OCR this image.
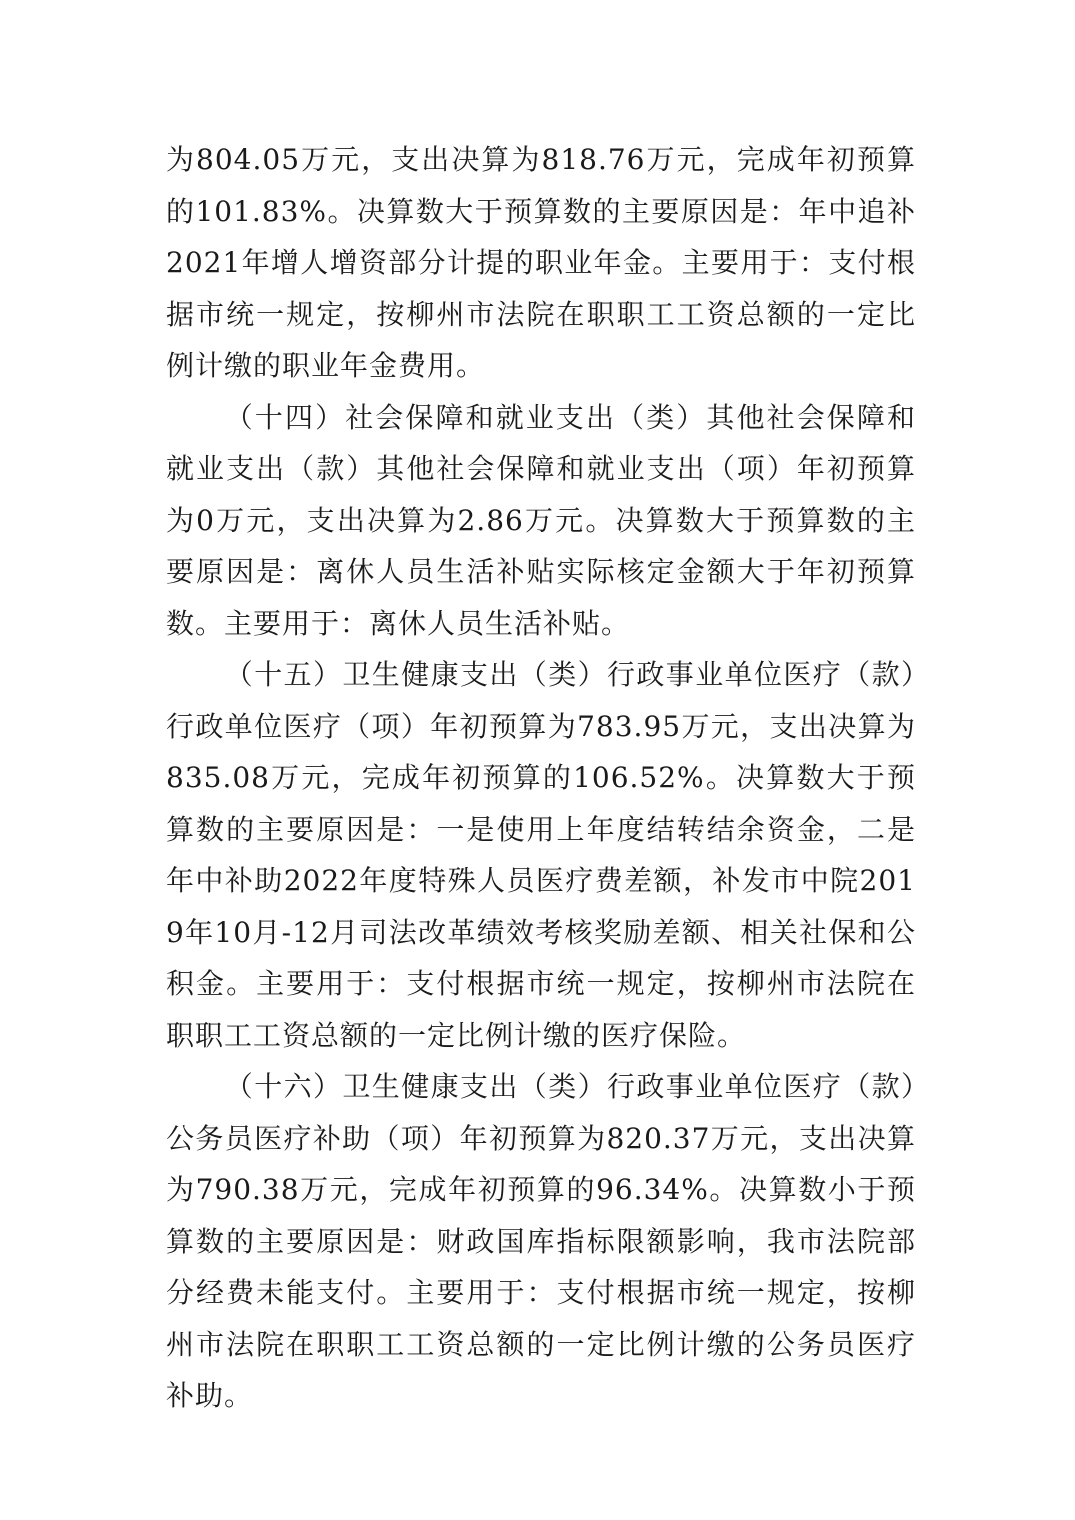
为804.05万元，支出决算为818.76万元，完成年初预算的101.83%。决算数大于预算数的主要原因是：年中追补2021年增人增资部分计提的职业年金。主要用于：支付根据市统一规定，按柳州市法院在职职工工资总额的一定比例计缴的职业年金费用。

（十四）社会保障和就业支出（类）其他社会保障和就业支出（款）其他社会保障和就业支出（项）年初预算为0万元，支出决算为2.86万元。决算数大于预算数的主要原因是：离休人员生活补贴实际核定金额大于年初预算数。主要用于：离休人员生活补贴。

（十五）卫生健康支出（类）行政事业单位医疗（款）行政单位医疗（项）年初预算为783.95万元，支出决算为835.08万元，完成年初预算的106.52%。决算数大于预算数的主要原因是：一是使用上年度结转结余资金，二是年中补助2022年度特殊人员医疗费差额，补发市中院2019年10月-12月司法改革绩效考核奖励差额、相关社保和公积金。主要用于：支付根据市统一规定，按柳州市法院在职职工工资总额的一定比例计缴的医疗保险。

（十六）卫生健康支出（类）行政事业单位医疗（款）公务员医疗补助（项）年初预算为820.37万元，支出决算为790.38万元，完成年初预算的96.34%。决算数小于预算数的主要原因是：财政国库指标限额影响，我市法院部分经费未能支付。主要用于：支付根据市统一规定，按柳州市法院在职职工工资总额的一定比例计缴的公务员医疗补助。
